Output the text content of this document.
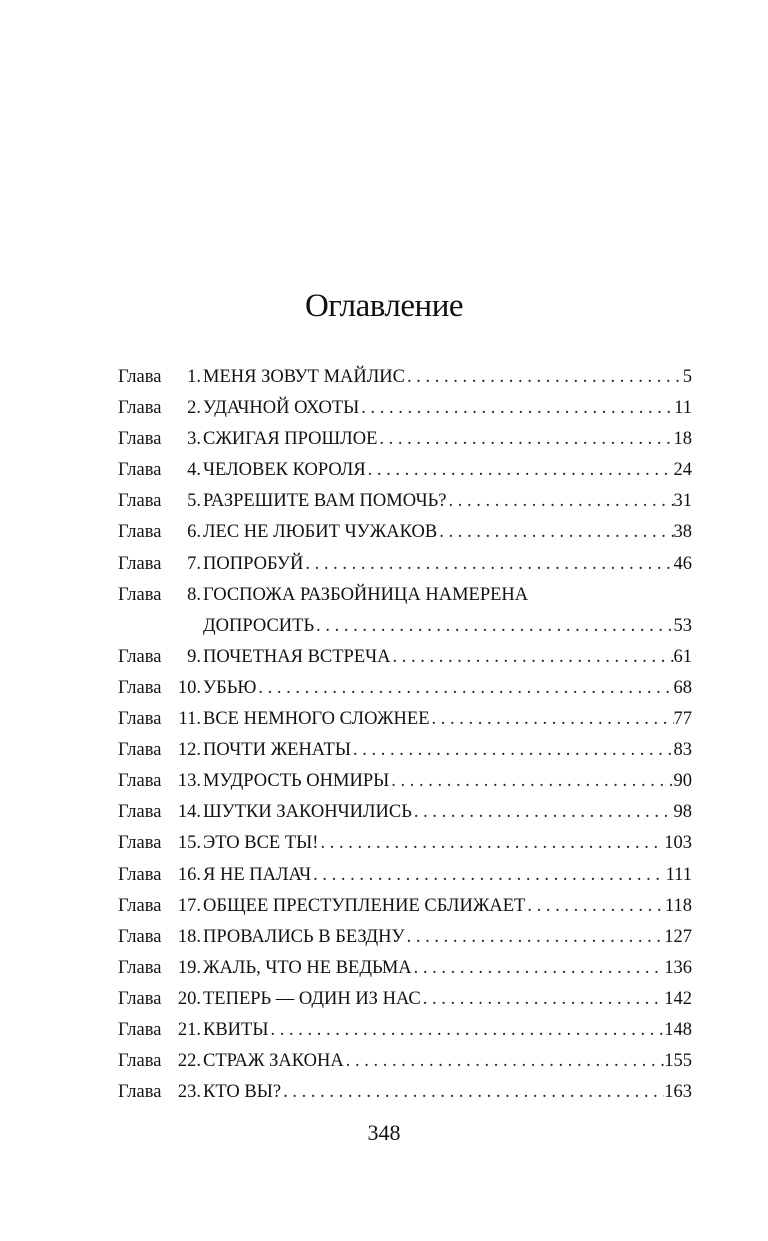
Оглавление
Глава	1. МЕНЯ ЗОВУТ МАЙЛИС . . .	5
Глава	2. УДАЧНОЙ ОХОТЫ . . .	11
Глава	3. СЖИГАЯ ПРОШЛОЕ . . .	18
Глава	4. ЧЕЛОВЕК КОРОЛЯ . . .	24
Глава	5. РАЗРЕШИТЕ ВАМ ПОМОЧЬ? . . .	31
Глава	6. ЛЕС НЕ ЛЮБИТ ЧУЖАКОВ . . .	38
Глава	7. ПОПРОБУЙ . . .	46
Глава	8. ГОСПОЖА РАЗБОЙНИЦА НАМЕРЕНА
ДОПРОСИТЬ . . .	53
Глава	9. ПОЧЕТНАЯ ВСТРЕЧА . . .	61
Глава 10. УБЬЮ . . .	68
Глава 11. ВСЕ НЕМНОГО СЛОЖНЕЕ . . .	77
Глава 12. ПОЧТИ ЖЕНАТЫ . . .	83
Глава 13. МУДРОСТЬ ОНМИРЫ . . .	90
Глава 14. ШУТКИ ЗАКОНЧИЛИСЬ . . .	98
Глава 15. ЭТО ВСЕ ТЫ! . . .	103
Глава 16. Я НЕ ПАЛАЧ . . .	111
Глава 17. ОБЩЕЕ ПРЕСТУПЛЕНИЕ СБЛИЖАЕТ . . .	118
Глава 18. ПРОВАЛИСЬ В БЕЗДНУ . . .	127
Глава 19. ЖАЛЬ, ЧТО НЕ ВЕДЬМА . . .	136
Глава 20. ТЕПЕРЬ — ОДИН ИЗ НАС . . .	142
Глава 21. КВИТЫ . . .	148
Глава 22. СТРАЖ ЗАКОНА . . .	155
Глава 23. КТО ВЫ? . . .	163
348
